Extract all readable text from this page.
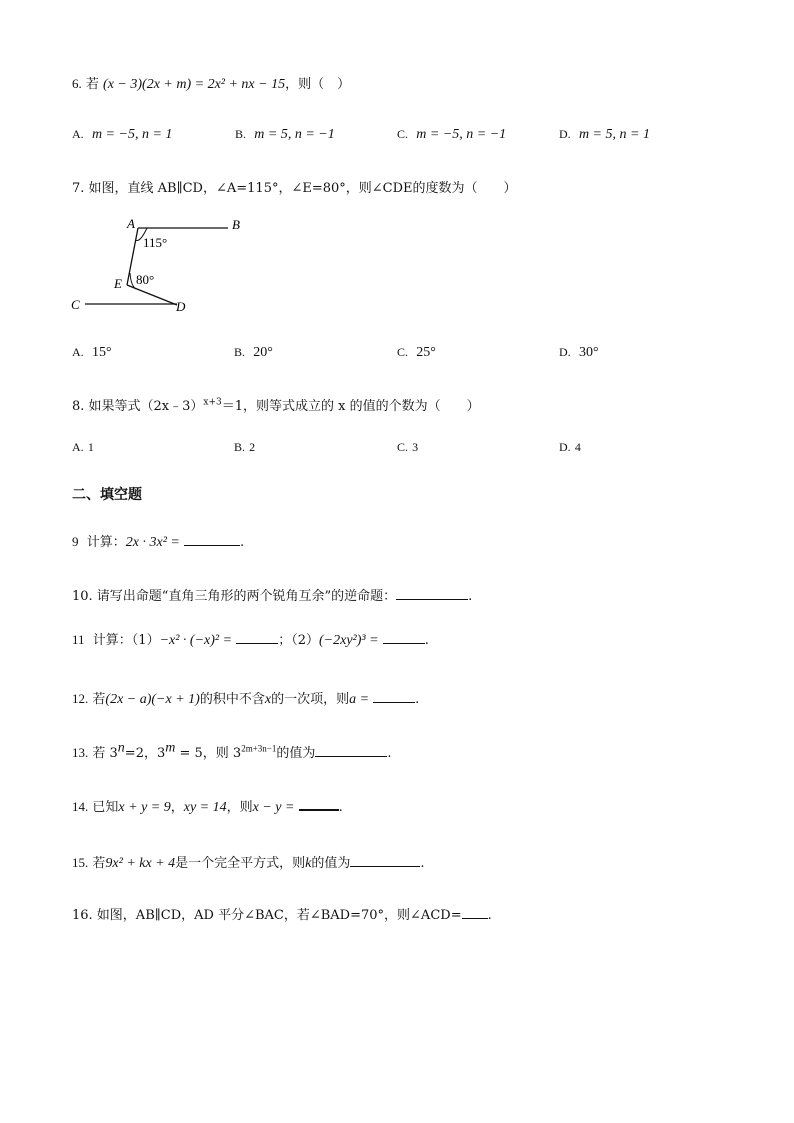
6. 若 (x − 3)(2x + m) = 2x² + nx − 15，则（　）
A. m = −5, n = 1	B. m = 5, n = −1	C. m = −5, n = −1	D. m = 5, n = 1
7. 如图，直线 AB∥CD，∠A=115°，∠E=80°，则∠CDE的度数为（　　）
A	B
C	D
E
115°
80°
A. 15°	B. 20°	C. 25°	D. 30°
8. 如果等式（2x﹣3）$^{x+3}$＝1，则等式成立的 x 的值的个数为（　　）
A. 1	B. 2	C. 3	D. 4
二、填空题
9 计算：2x · 3x² =	.
10. 请写出命题“直角三角形的两个锐角互余”的逆命题：	.
11 计算：（1）−x² · (−x)² =	；（2）(−2xy²)³ =	.
12. 若(2x − a)(−x + 1)的积中不含x的一次项，则a =	.
13. 若 $3^n=2$，$3^m = 5$，则 $3^{2m+3n-1}$的值为	.
14. 已知x + y = 9，xy = 14，则x − y =	.
15. 若9x² + kx + 4是一个完全平方式，则k的值为	.
16. 如图，AB∥CD，AD 平分∠BAC，若∠BAD=70°，则∠ACD= .
